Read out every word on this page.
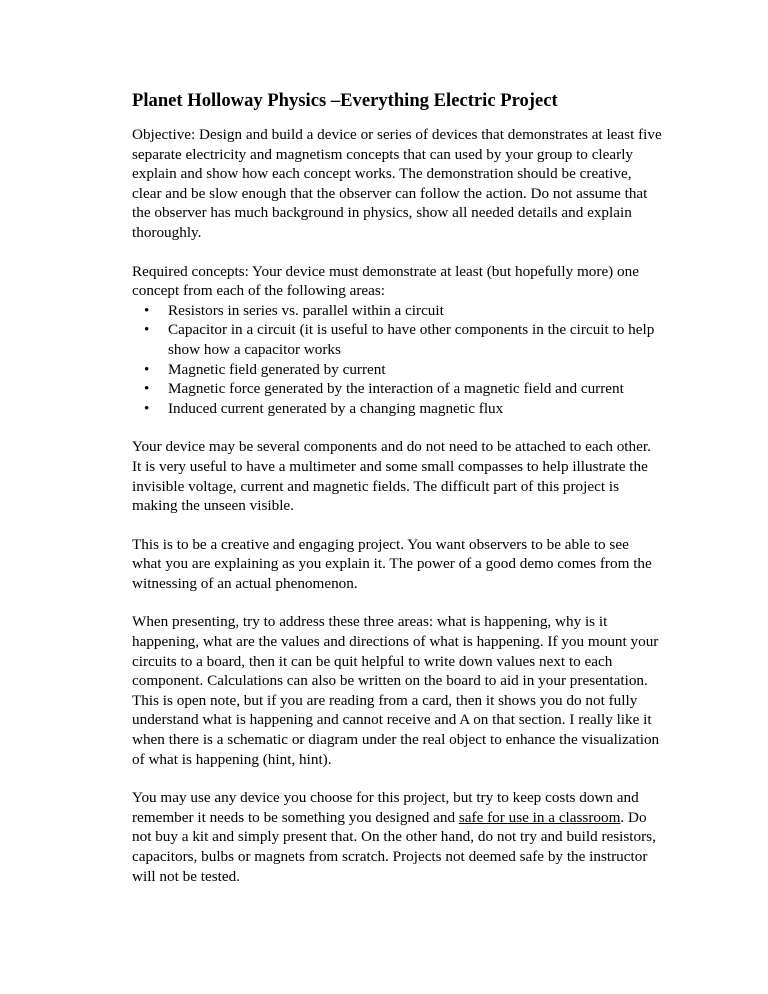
Planet Holloway Physics –Everything Electric Project
Objective: Design and build a device or series of devices that demonstrates at least five separate electricity and magnetism concepts that can used by your group to clearly explain and show how each concept works. The demonstration should be creative, clear and be slow enough that the observer can follow the action. Do not assume that the observer has much background in physics, show all needed details and explain thoroughly.
Required concepts: Your device must demonstrate at least (but hopefully more) one concept from each of the following areas:
• Resistors in series vs. parallel within a circuit
• Capacitor in a circuit (it is useful to have other components in the circuit to help show how a capacitor works
• Magnetic field generated by current
• Magnetic force generated by the interaction of a magnetic field and current
• Induced current generated by a changing magnetic flux
Your device may be several components and do not need to be attached to each other. It is very useful to have a multimeter and some small compasses to help illustrate the invisible voltage, current and magnetic fields. The difficult part of this project is making the unseen visible.
This is to be a creative and engaging project. You want observers to be able to see what you are explaining as you explain it. The power of a good demo comes from the witnessing of an actual phenomenon.
When presenting, try to address these three areas: what is happening, why is it happening, what are the values and directions of what is happening. If you mount your circuits to a board, then it can be quit helpful to write down values next to each component. Calculations can also be written on the board to aid in your presentation. This is open note, but if you are reading from a card, then it shows you do not fully understand what is happening and cannot receive and A on that section. I really like it when there is a schematic or diagram under the real object to enhance the visualization of what is happening (hint, hint).
You may use any device you choose for this project, but try to keep costs down and remember it needs to be something you designed and safe for use in a classroom. Do not buy a kit and simply present that. On the other hand, do not try and build resistors, capacitors, bulbs or magnets from scratch. Projects not deemed safe by the instructor will not be tested.
